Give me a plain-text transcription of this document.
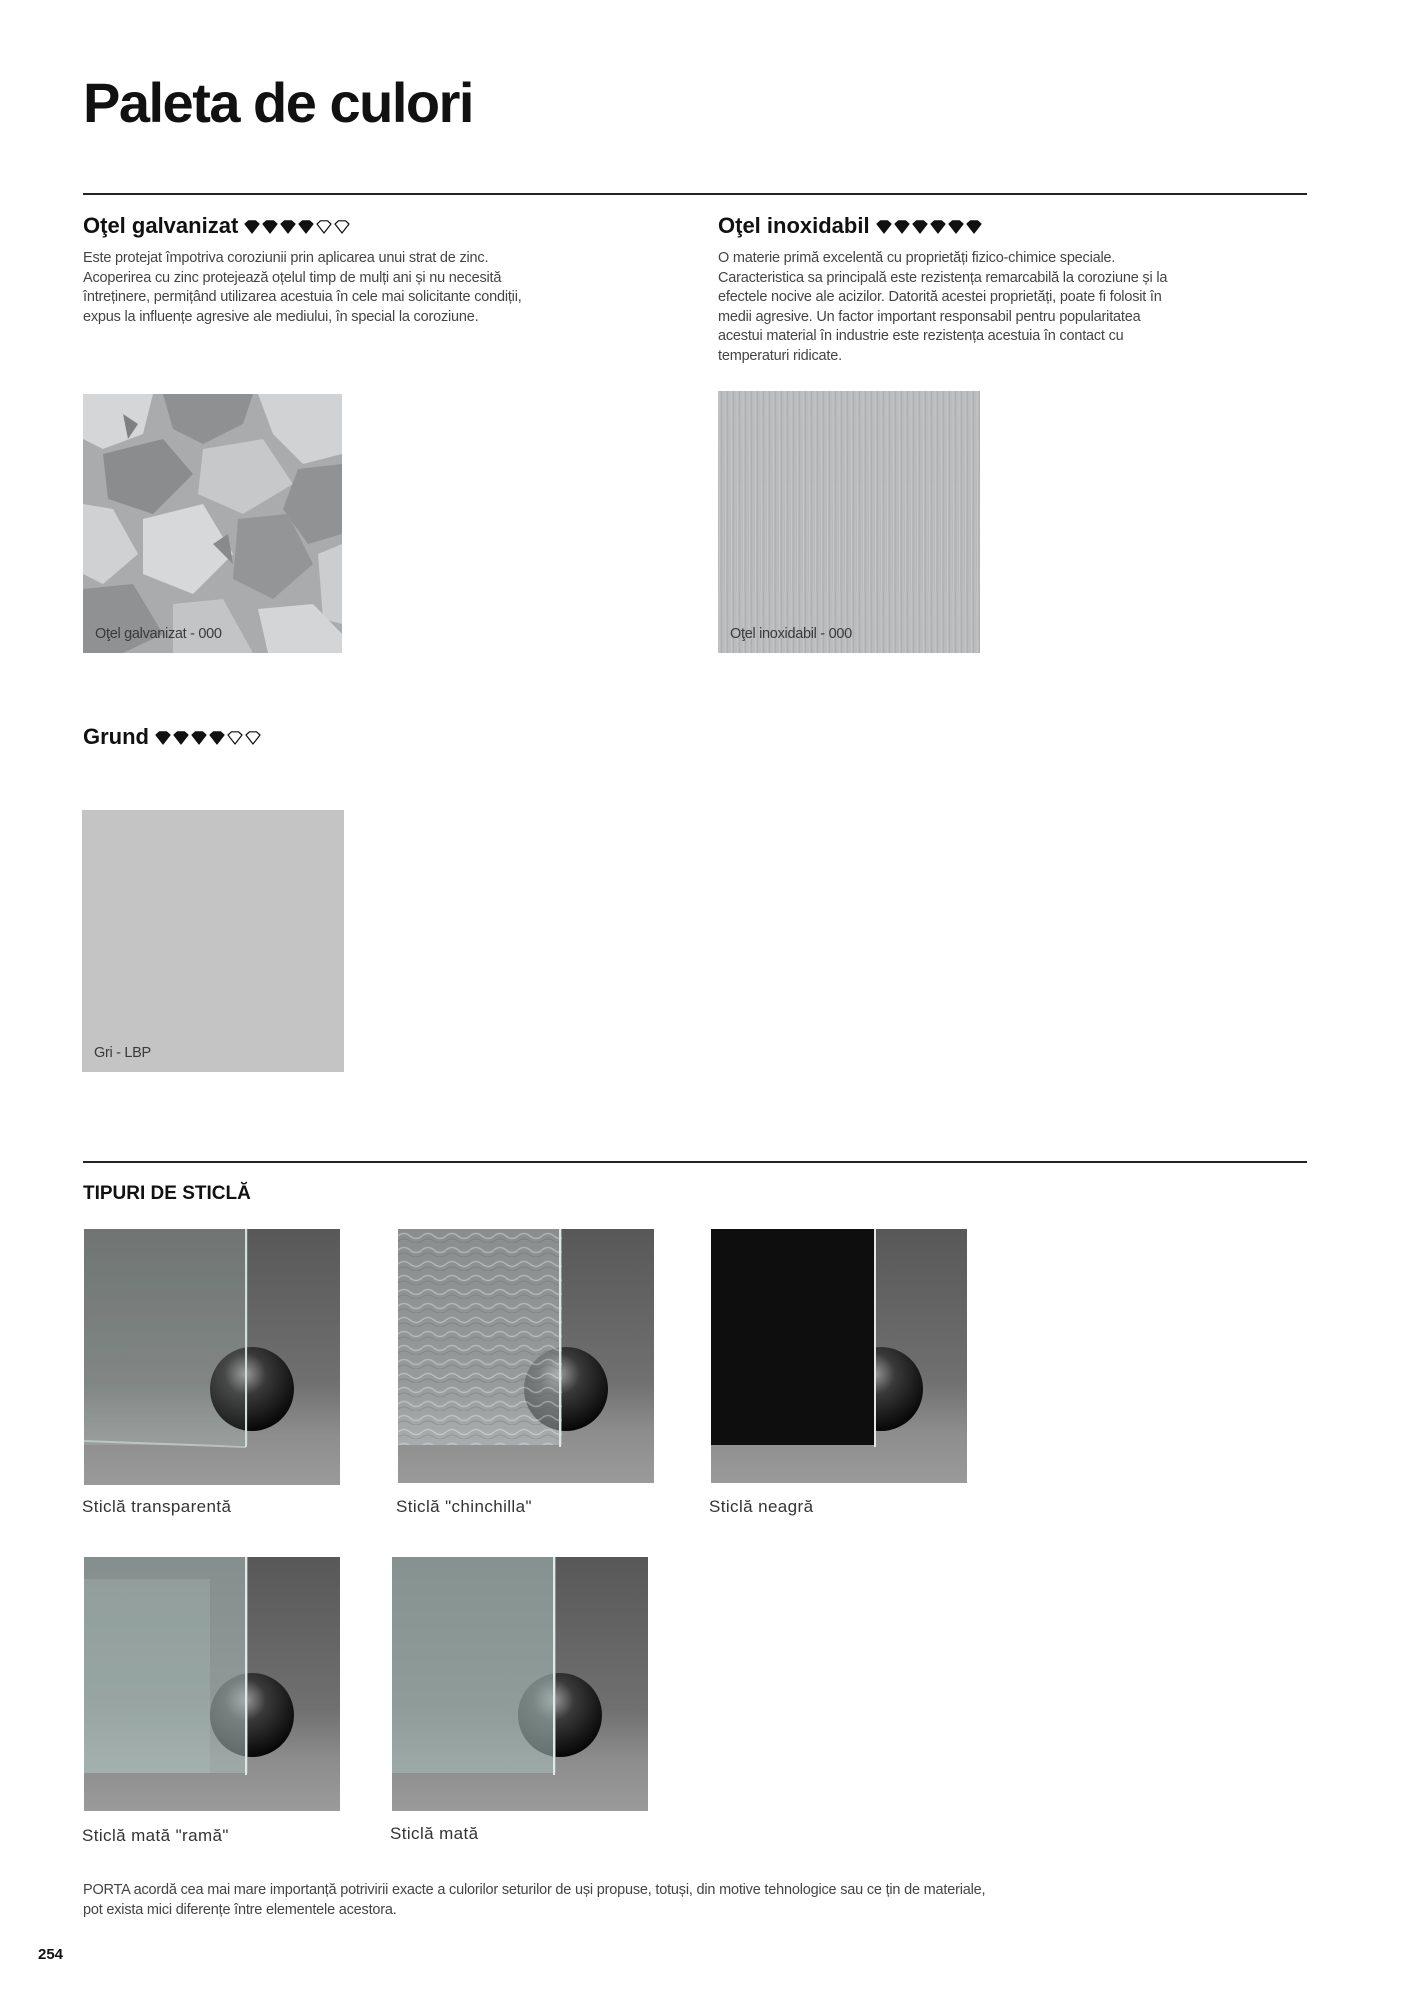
Paleta de culori
Oţel galvanizat
Este protejat împotriva coroziunii prin aplicarea unui strat de zinc.
Acoperirea cu zinc protejează oțelul timp de mulți ani și nu necesită
întreținere, permițând utilizarea acestuia în cele mai solicitante condiții,
expus la influențe agresive ale mediului, în special la coroziune.
Oţel galvanizat - 000
Oţel inoxidabil
O materie primă excelentă cu proprietăți fizico-chimice speciale.
Caracteristica sa principală este rezistența remarcabilă la coroziune și la
efectele nocive ale acizilor. Datorită acestei proprietăți, poate fi folosit în
medii agresive. Un factor important responsabil pentru popularitatea
acestui material în industrie este rezistența acestuia în contact cu
temperaturi ridicate.
Oţel inoxidabil - 000
Grund
Gri - LBP
TIPURI DE STICLĂ
Sticlă transparentă	Sticlă "chinchilla"	Sticlă neagră
Sticlă mată "ramă"	Sticlă mată
PORTA acordă cea mai mare importanță potrivirii exacte a culorilor seturilor de uși propuse, totuși, din motive tehnologice sau ce țin de materiale,
pot exista mici diferențe între elementele acestora.
254
